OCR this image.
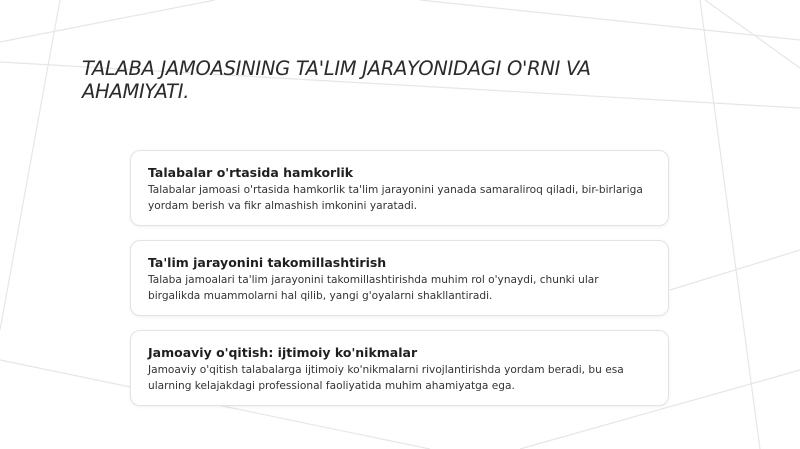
TALABA JAMOASINING TA'LIM JARAYONIDAGI O'RNI VA AHAMIYATI.

Talabalar o'rtasida hamkorlik

Talabalar jamoasi o'rtasida hamkorlik ta'lim jarayonini yanada samaraliroq qiladi, bir-birlariga yordam berish va fikr almashish imkonini yaratadi.

Ta'lim jarayonini takomillashtirish

Talaba jamoalari ta'lim jarayonini takomillashtirishda muhim rol o'ynaydi, chunki ular birgalikda muammolarni hal qilib, yangi g'oyalarni shakllantiradi.

Jamoaviy o'qitish: ijtimoiy ko'nikmalar

Jamoaviy o'qitish talabalarga ijtimoiy ko'nikmalarni rivojlantirishda yordam beradi, bu esa ularning kelajakdagi professional faoliyatida muhim ahamiyatga ega.
